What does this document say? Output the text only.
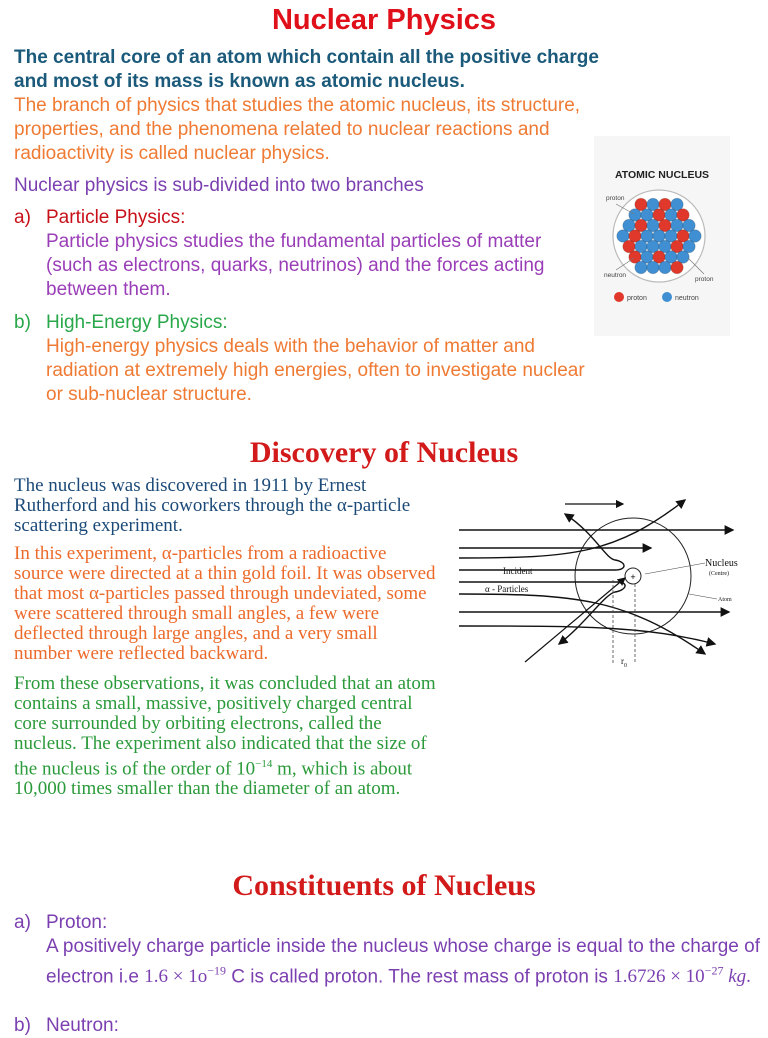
Nuclear Physics
The central core of an atom which contain all the positive charge and most of its mass is known as atomic nucleus.
The branch of physics that studies the atomic nucleus, its structure, properties, and the phenomena related to nuclear reactions and radioactivity is called nuclear physics.
Nuclear physics is sub-divided into two branches
a) Particle Physics:
Particle physics studies the fundamental particles of matter (such as electrons, quarks, neutrinos) and the forces acting between them.
b) High-Energy Physics:
High-energy physics deals with the behavior of matter and radiation at extremely high energies, often to investigate nuclear or sub-nuclear structure.
ATOMIC NUCLEUS
proton
neutron
proton
proton	neutron
Discovery of Nucleus
The nucleus was discovered in 1911 by Ernest Rutherford and his coworkers through the α-particle scattering experiment.
In this experiment, α-particles from a radioactive source were directed at a thin gold foil. It was observed that most α-particles passed through undeviated, some were scattered through small angles, a few were deflected through large angles, and a very small number were reflected backward.
From these observations, it was concluded that an atom contains a small, massive, positively charged central core surrounded by orbiting electrons, called the nucleus. The experiment also indicated that the size of the nucleus is of the order of $10^{-14}$ m, which is about 10,000 times smaller than the diameter of an atom.
+
$r_0$
Incident
α - Particles
Nucleus
(Centre)
Atom
Constituents of Nucleus
a) Proton:
A positively charge particle inside the nucleus whose charge is equal to the charge of electron i.e $1.6 \times 1o^{-19}$ C is called proton. The rest mass of proton is $1.6726 \times 10^{-27}$ kg.
b) Neutron:
